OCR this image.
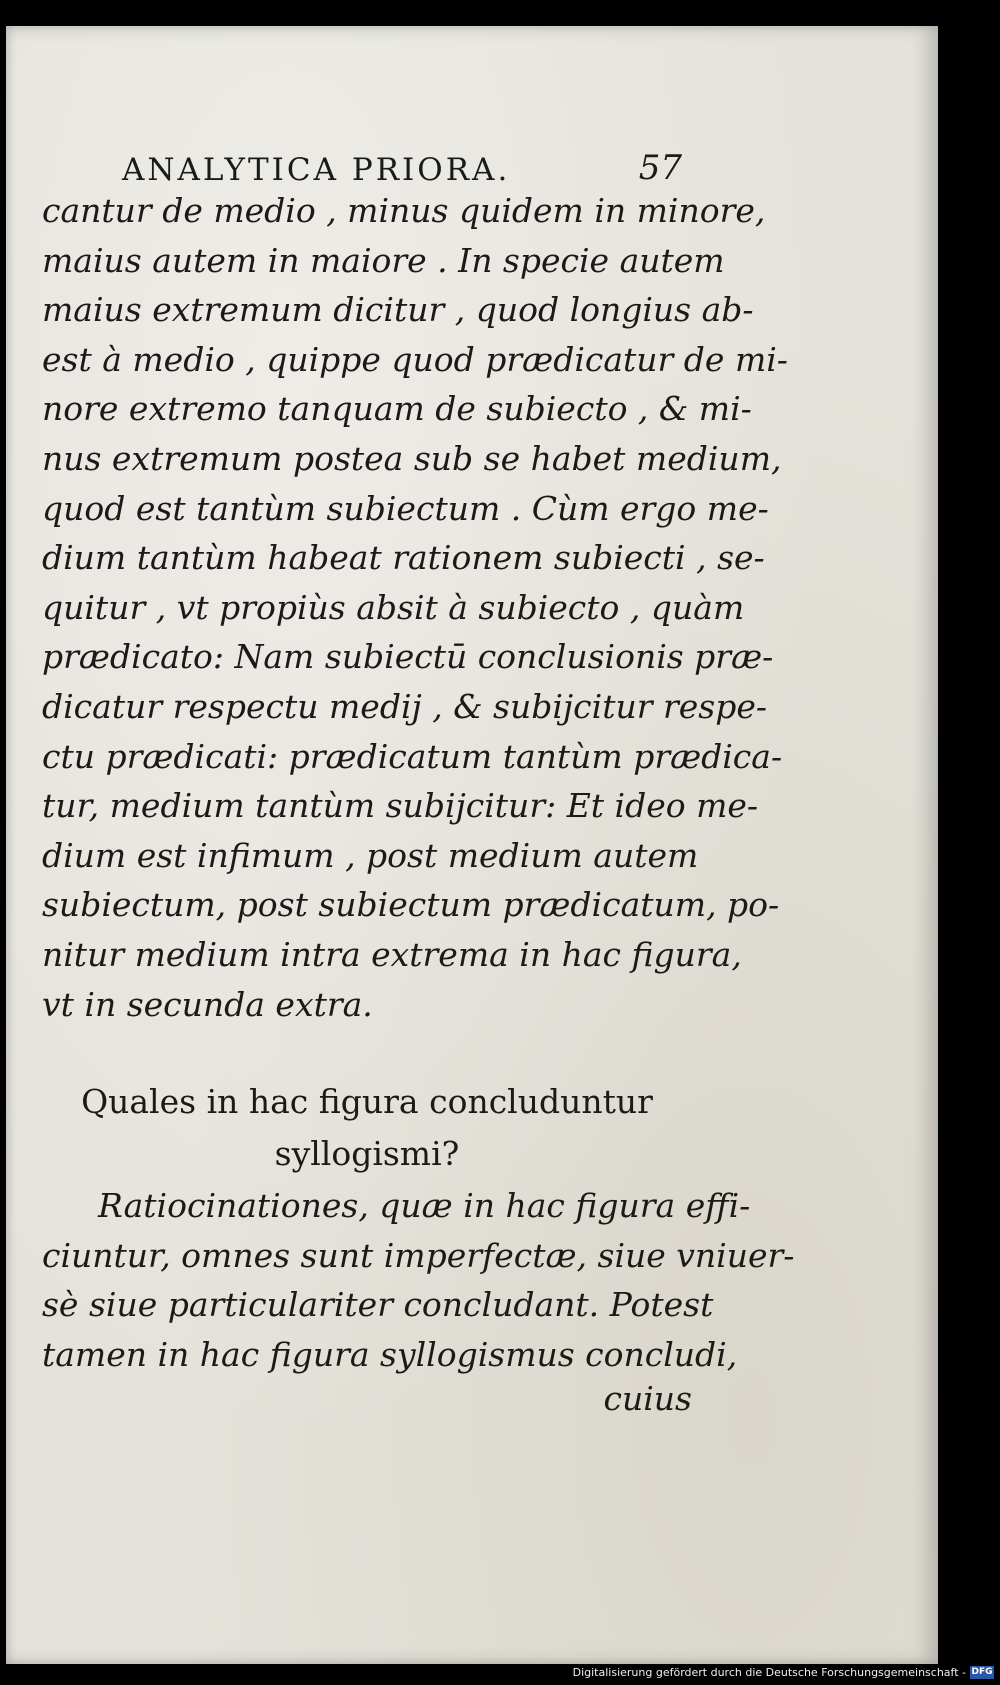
ANALYTICA PRIORA.	57
cantur de medio , minus quidem in minore,
maius autem in maiore . In specie autem
maius extremum dicitur , quod longius ab-
est à medio , quippe quod prædicatur de mi-
nore extremo tanquam de subiecto , & mi-
nus extremum postea sub se habet medium,
quod est tantùm subiectum . Cùm ergo me-
dium tantùm habeat rationem subiecti , se-
quitur , vt propiùs absit à subiecto , quàm
prædicato: Nam subiectū conclusionis præ-
dicatur respectu medij , & subijcitur respe-
ctu prædicati: prædicatum tantùm prædica-
tur, medium tantùm subijcitur: Et ideo me-
dium est infimum , post medium autem
subiectum, post subiectum prædicatum, po-
nitur medium intra extrema in hac figura,
vt in secunda extra.
Quales in hac figura concluduntur
syllogismi?
Ratiocinationes, quæ in hac figura effi-
ciuntur, omnes sunt imperfectæ, siue vniuer-
sè siue particulariter concludant. Potest
tamen in hac figura syllogismus concludi,
cuius
Digitalisierung gefördert durch die Deutsche Forschungsgemeinschaft - DFG
